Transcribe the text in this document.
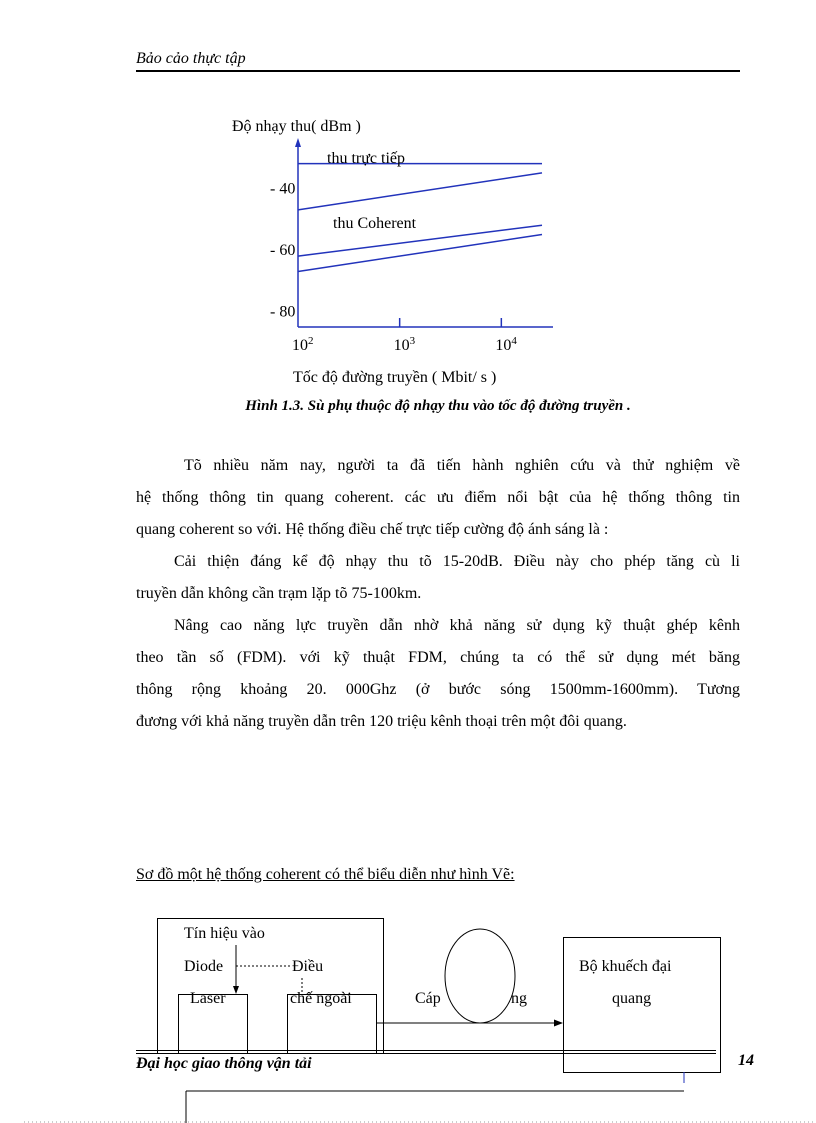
Bảo cảo thực tập
Độ nhạy thu( dBm )
- 40
- 60
- 80
$10^2$	$10^3$	$10^4$
thu trực tiếp
thu Coherent
Tốc độ đường truyền ( Mbit/ s )
Hình 1.3. Sù phụ thuộc độ nhạy thu vào tốc độ đường truyền .
Tõ nhiều năm nay, người ta đã tiến hành nghiên cứu và thử nghiệm về
hệ thống thông tin quang coherent. các ưu điểm nổi bật của hệ thống thông tin
quang coherent so với. Hệ thống điều chế trực tiếp cường độ ánh sáng là :
Cải thiện đáng kể độ nhạy thu tõ 15-20dB. Điều này cho phép tăng cù li
truyền dẫn không cần trạm lặp tõ 75-100km.
Nâng cao năng lực truyền dẫn nhờ khả năng sử dụng kỹ thuật ghép kênh
theo tần số (FDM). với kỹ thuật FDM, chúng ta có thể sử dụng mét băng
thông rộng khoảng 20. 000Ghz (ở bước sóng 1500mm-1600mm). Tương
đương với khả năng truyền dẫn trên 120 triệu kênh thoại trên một đôi quang.
Sơ đồ một hệ thống coherent có thể biểu diễn như hình Vẽ:
Tín hiệu vào
Diode
Laser
Điều
chế ngoài	Cáp	ng
Bộ khuếch đại
quang
Đại học giao thông vận tải	14
